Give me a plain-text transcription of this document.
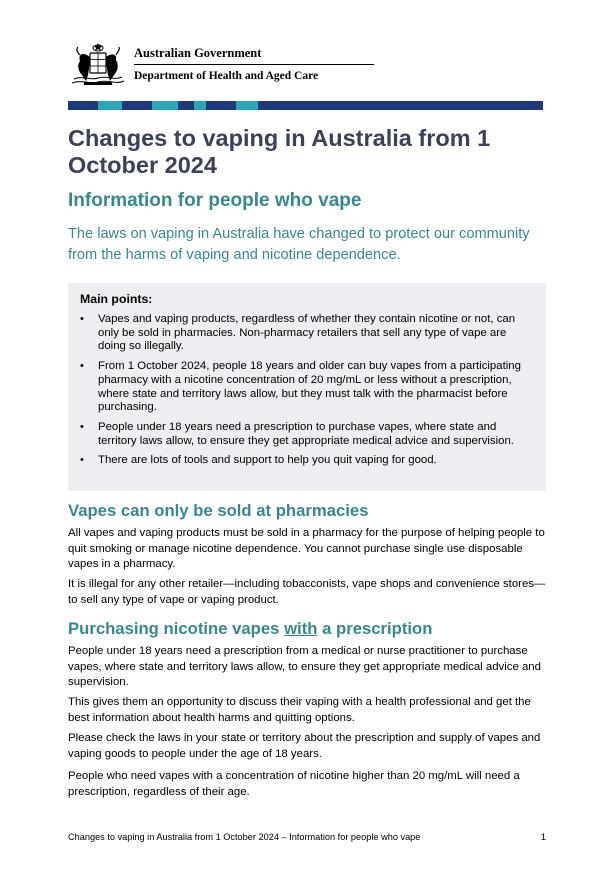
Australian Government
Department of Health and Aged Care
Changes to vaping in Australia from 1 October 2024
Information for people who vape

The laws on vaping in Australia have changed to protect our community from the harms of vaping and nicotine dependence.

Main points:

• Vapes and vaping products, regardless of whether they contain nicotine or not, can only be sold in pharmacies. Non-pharmacy retailers that sell any type of vape are doing so illegally.
• From 1 October 2024, people 18 years and older can buy vapes from a participating pharmacy with a nicotine concentration of 20 mg/mL or less without a prescription, where state and territory laws allow, but they must talk with the pharmacist before purchasing.
• People under 18 years need a prescription to purchase vapes, where state and territory laws allow, to ensure they get appropriate medical advice and supervision.
• There are lots of tools and support to help you quit vaping for good.
Vapes can only be sold at pharmacies

All vapes and vaping products must be sold in a pharmacy for the purpose of helping people to quit smoking or manage nicotine dependence. You cannot purchase single use disposable vapes in a pharmacy.

It is illegal for any other retailer—including tobacconists, vape shops and convenience stores—to sell any type of vape or vaping product.

Purchasing nicotine vapes with a prescription

People under 18 years need a prescription from a medical or nurse practitioner to purchase vapes, where state and territory laws allow, to ensure they get appropriate medical advice and supervision.

This gives them an opportunity to discuss their vaping with a health professional and get the best information about health harms and quitting options.

Please check the laws in your state or territory about the prescription and supply of vapes and vaping goods to people under the age of 18 years.

People who need vapes with a concentration of nicotine higher than 20 mg/mL will need a prescription, regardless of their age.

Changes to vaping in Australia from 1 October 2024 – Information for people who vape	1
